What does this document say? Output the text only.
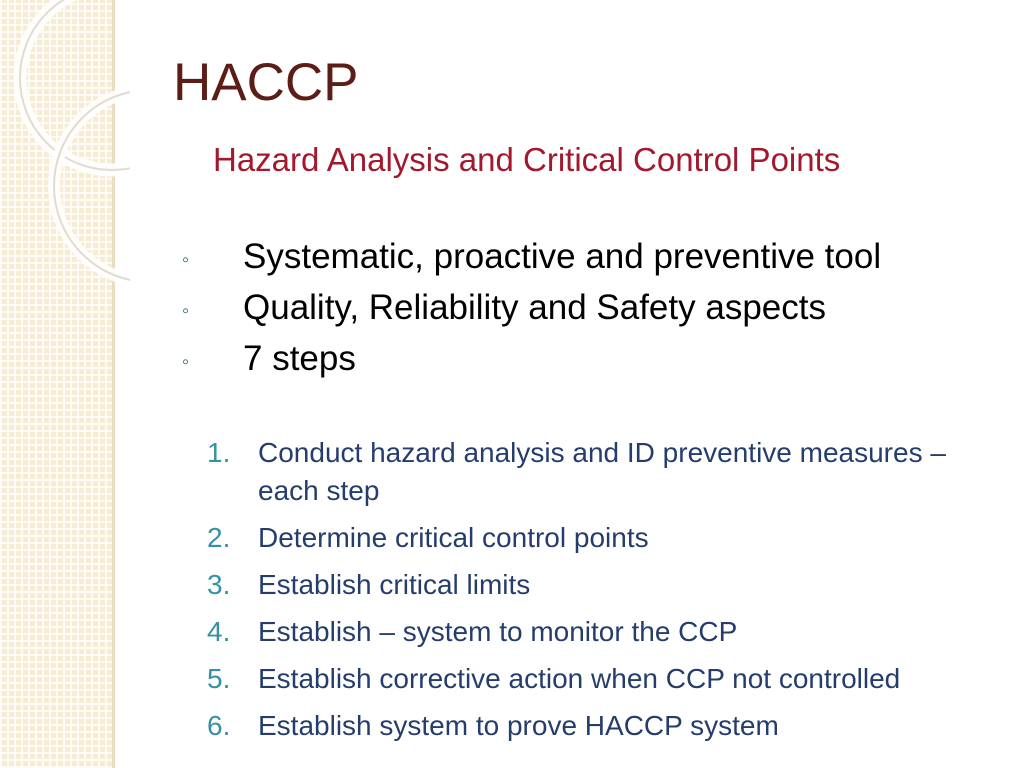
HACCP

Hazard Analysis and Critical Control Points

◦ Systematic, proactive and preventive tool
◦ Quality, Reliability and Safety aspects
◦ 7 steps
1. Conduct hazard analysis and ID preventive measures – each step
2. Determine critical control points
3. Establish critical limits
4. Establish – system to monitor the CCP
5. Establish corrective action when CCP not controlled
6. Establish system to prove HACCP system
